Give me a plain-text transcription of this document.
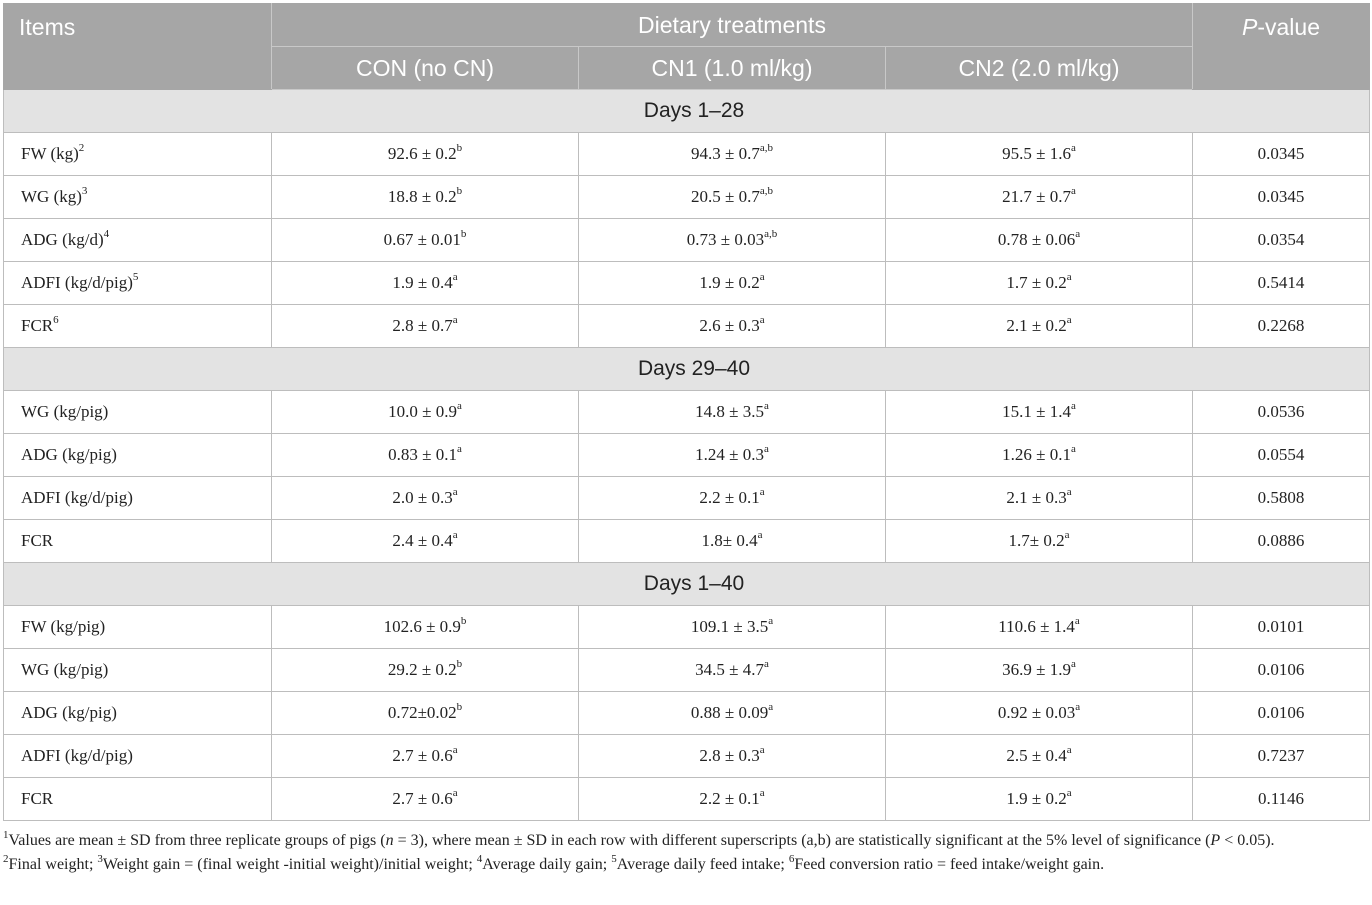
Items	Dietary treatments			P-value
	CON (no CN)	CN1 (1.0 ml/kg)	CN2 (2.0 ml/kg)	
Days 1–28				
FW (kg)$^2$	92.6 ± 0.2$^b$	$94.3 \pm 0.7^{a,b}$	95.5 ± 1.6$^a$	0.0345
WG (kg)$^3$	18.8 ± 0.2$^b$	$20.5 \pm 0.7^{a,b}$	21.7 ± 0.7$^a$	0.0345
ADG $(kg/d)^4$	0.67 ± 0.01$^b$	$0.73 \pm 0.03^{a,b}$	0.78 ± 0.06$^a$	0.0354
ADFI $(kg/d/pig)^5$	1.9 ± 0.4$^a$	1.9 ± 0.2$^a$	1.7 ± 0.2$^a$	0.5414
FCR$^6$	2.8 ± 0.7$^a$	2.6 ± 0.3$^a$	2.1 ± 0.2$^a$	0.2268
Days 29–40				
WG (kg/pig)	10.0 ± 0.9$^a$	14.8 ± 3.5$^a$	15.1 ± 1.4$^a$	0.0536
ADG (kg/pig)	0.83 ± 0.1$^a$	1.24 ± 0.3$^a$	1.26 ± 0.1$^a$	0.0554
ADFI (kg/d/pig)	2.0 ± 0.3$^a$	2.2 ± 0.1$^a$	2.1 ± 0.3$^a$	0.5808
FCR	2.4 ± 0.4$^a$	1.8± 0.4$^a$	1.7± 0.2$^a$	0.0886
Days 1–40				
FW (kg/pig)	102.6 ± 0.9$^b$	109.1 ± 3.5$^a$	110.6 ± 1.4$^a$	0.0101
WG (kg/pig)	29.2 ± 0.2$^b$	34.5 ± 4.7$^a$	36.9 ± 1.9$^a$	0.0106
ADG (kg/pig)	0.72±0.02$^b$	0.88 ± 0.09$^a$	0.92 ± 0.03$^a$	0.0106
ADFI (kg/d/pig)	2.7 ± 0.6$^a$	2.8 ± 0.3$^a$	2.5 ± 0.4$^a$	0.7237
FCR	2.7 ± 0.6$^a$	2.2 ± 0.1$^a$	1.9 ± 0.2$^a$	0.1146

$^1$Values are mean ± SD from three replicate groups of pigs (n = 3), where mean ± SD in each row with different superscripts (a,b) are statistically significant at the 5% level of significance (P < 0.05).

$^2$Final weight; $^3$Weight gain = (final weight -initial weight)/initial weight; $^4$Average daily gain; $^5$Average daily feed intake; $^6$Feed conversion ratio = feed intake/weight gain.
